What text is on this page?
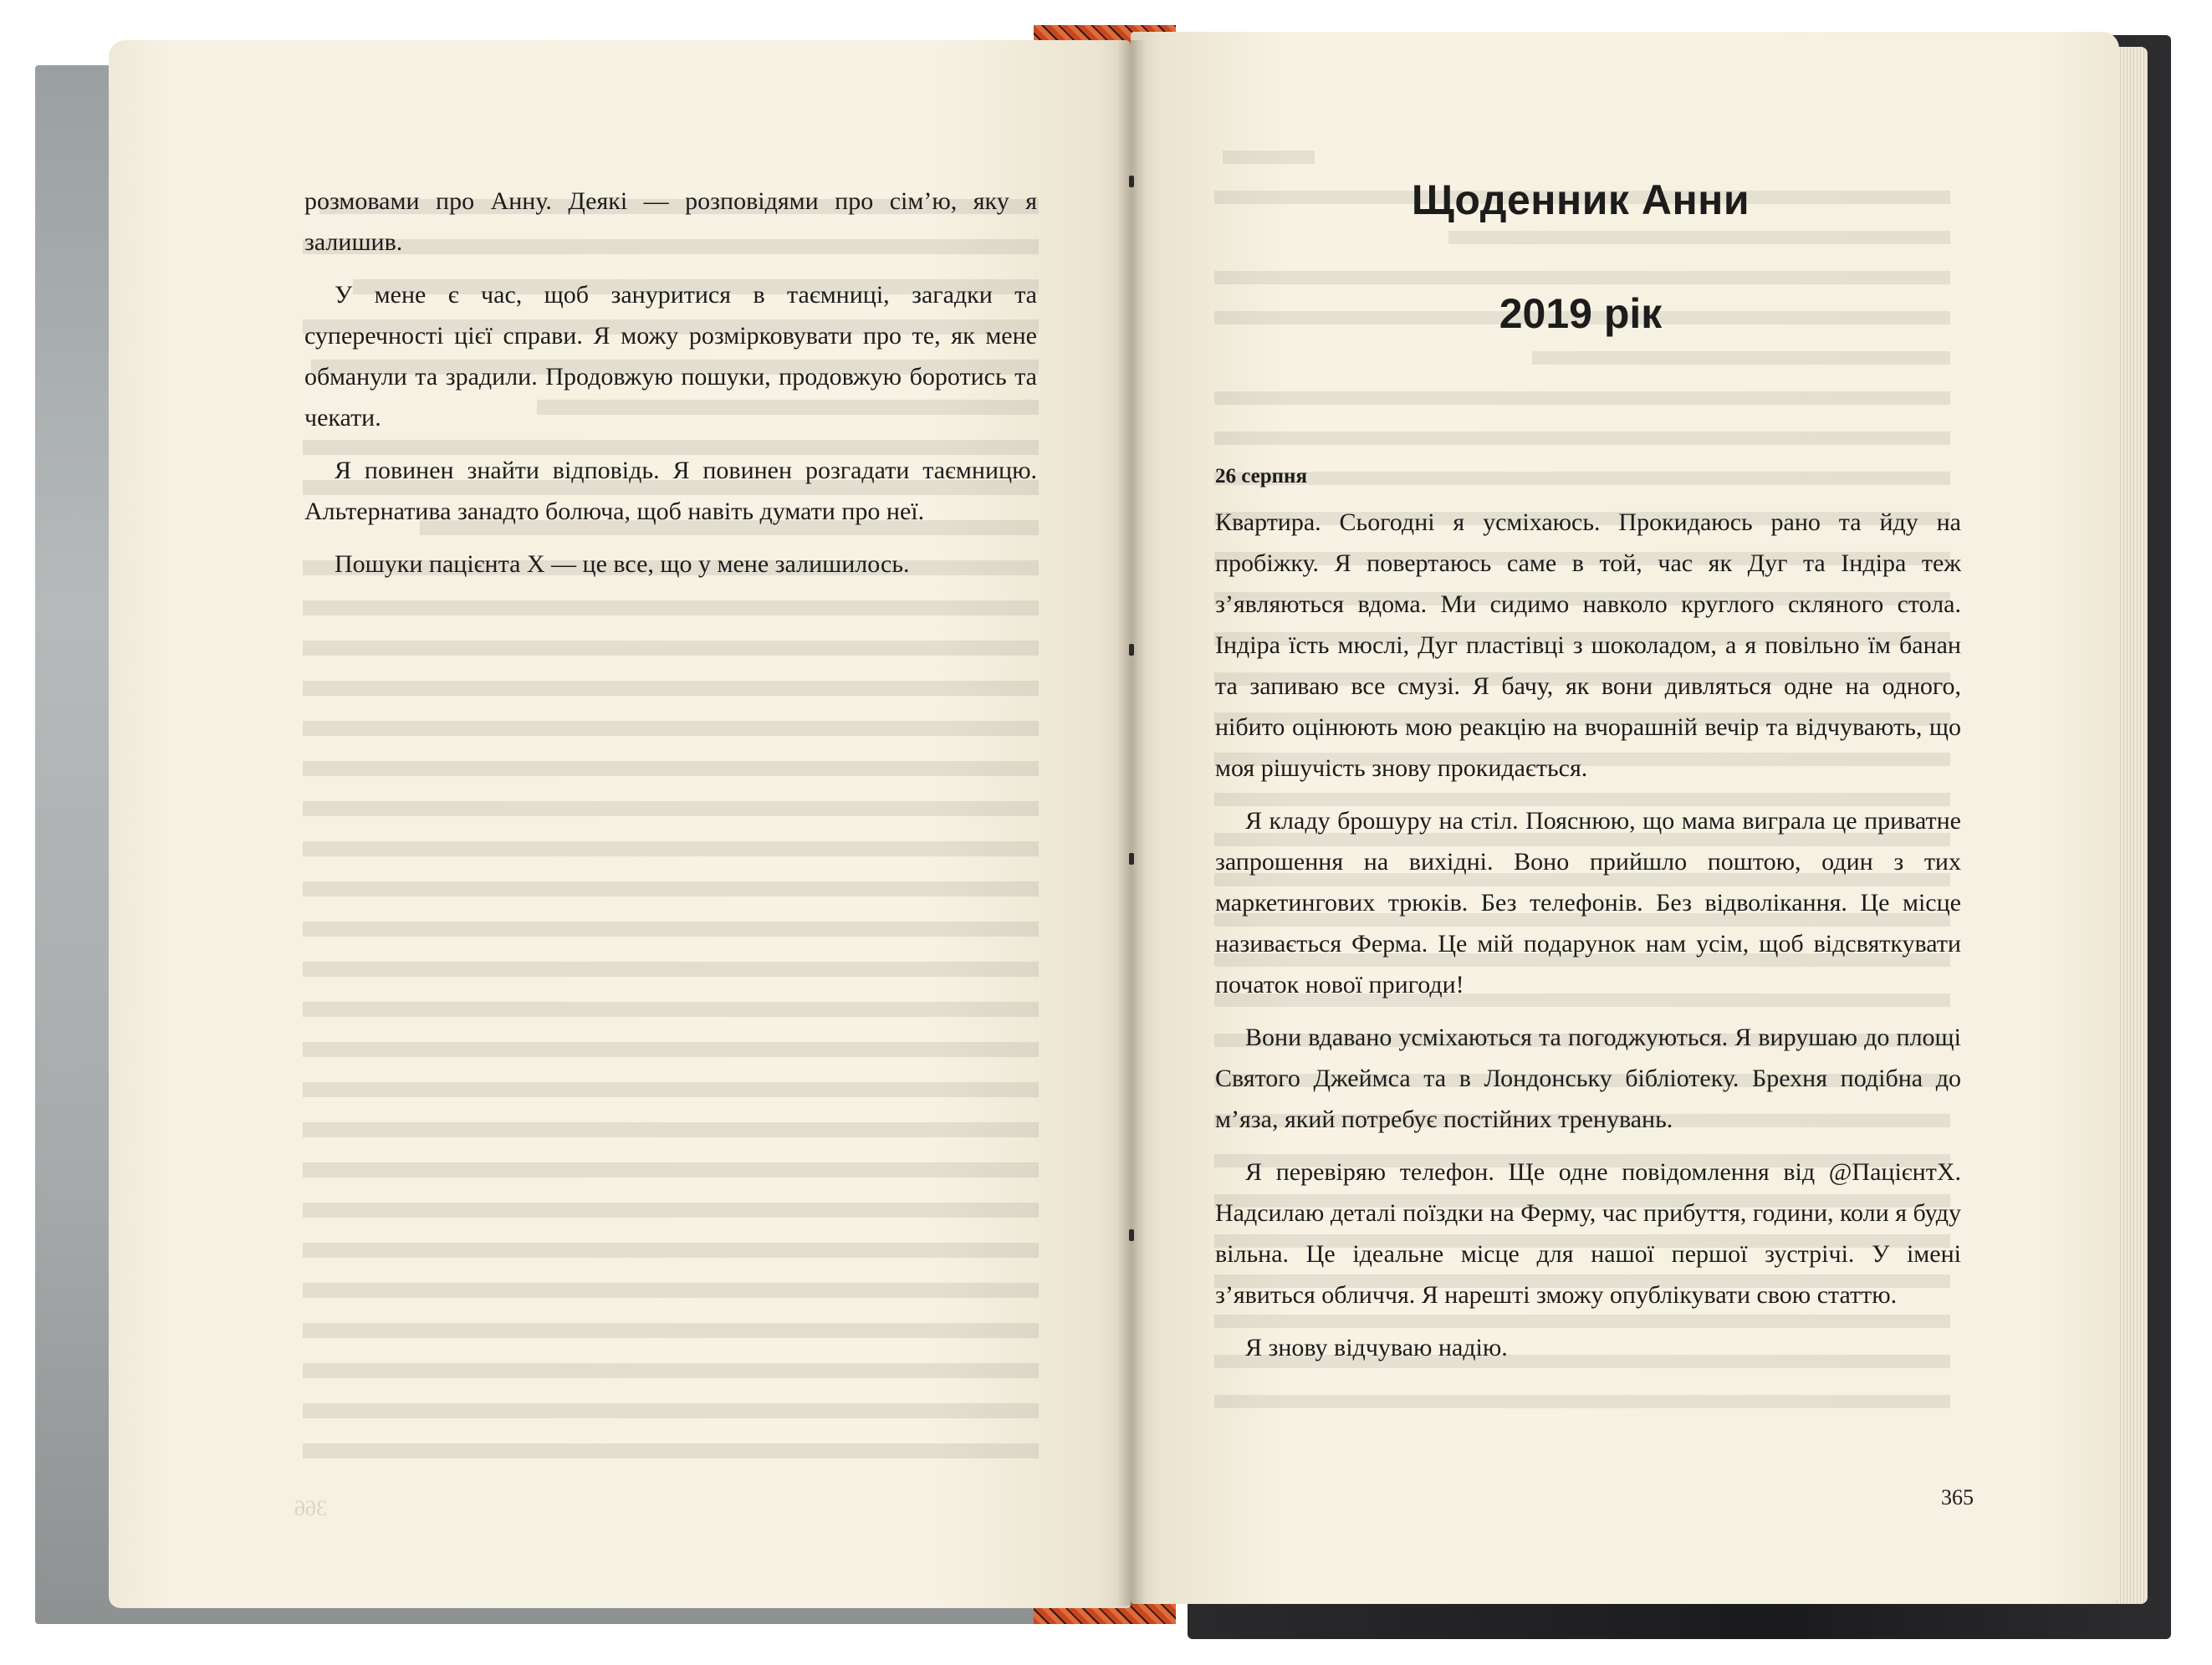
366

розмовами про Анну. Деякі — розповідями про сім’ю, яку я залишив.

У мене є час, щоб зануритися в таємниці, загадки та суперечності цієї справи. Я можу розмірковувати про те, як мене обманули та зрадили. Продовжую пошуки, продовжую боротись та чекати.

Я повинен знайти відповідь. Я повинен розгадати таємницю. Альтернатива занадто болюча, щоб навіть думати про неї.

Пошуки пацієнта Х — це все, що у мене залишилось.

Щоденник Анни
2019 рік
26 серпня

Квартира. Сьогодні я усміхаюсь. Прокидаюсь рано та йду на пробіжку. Я повертаюсь саме в той, час як Дуг та Індіра теж з’являються вдома. Ми сидимо навколо круглого скляного стола. Індіра їсть мюслі, Дуг пластівці з шоколадом, а я повільно їм банан та запиваю все смузі. Я бачу, як вони дивляться одне на одного, нібито оцінюють мою реакцію на вчорашній вечір та відчувають, що моя рішучість знову прокидається.

Я кладу брошуру на стіл. Пояснюю, що мама виграла це приватне запрошення на вихідні. Воно прийшло поштою, один з тих маркетингових трюків. Без телефонів. Без відволікання. Це місце називається Ферма. Це мій подарунок нам усім, щоб відсвяткувати початок нової пригоди!

Вони вдавано усміхаються та погоджуються. Я вирушаю до площі Святого Джеймса та в Лондонську бібліотеку. Брехня подібна до м’яза, який потребує постійних тренувань.

Я перевіряю телефон. Ще одне повідомлення від @ПацієнтХ. Надсилаю деталі поїздки на Ферму, час прибуття, години, коли я буду вільна. Це ідеальне місце для нашої першої зустрічі. У імені з’явиться обличчя. Я нарешті зможу опублікувати свою статтю.

Я знову відчуваю надію.

365
